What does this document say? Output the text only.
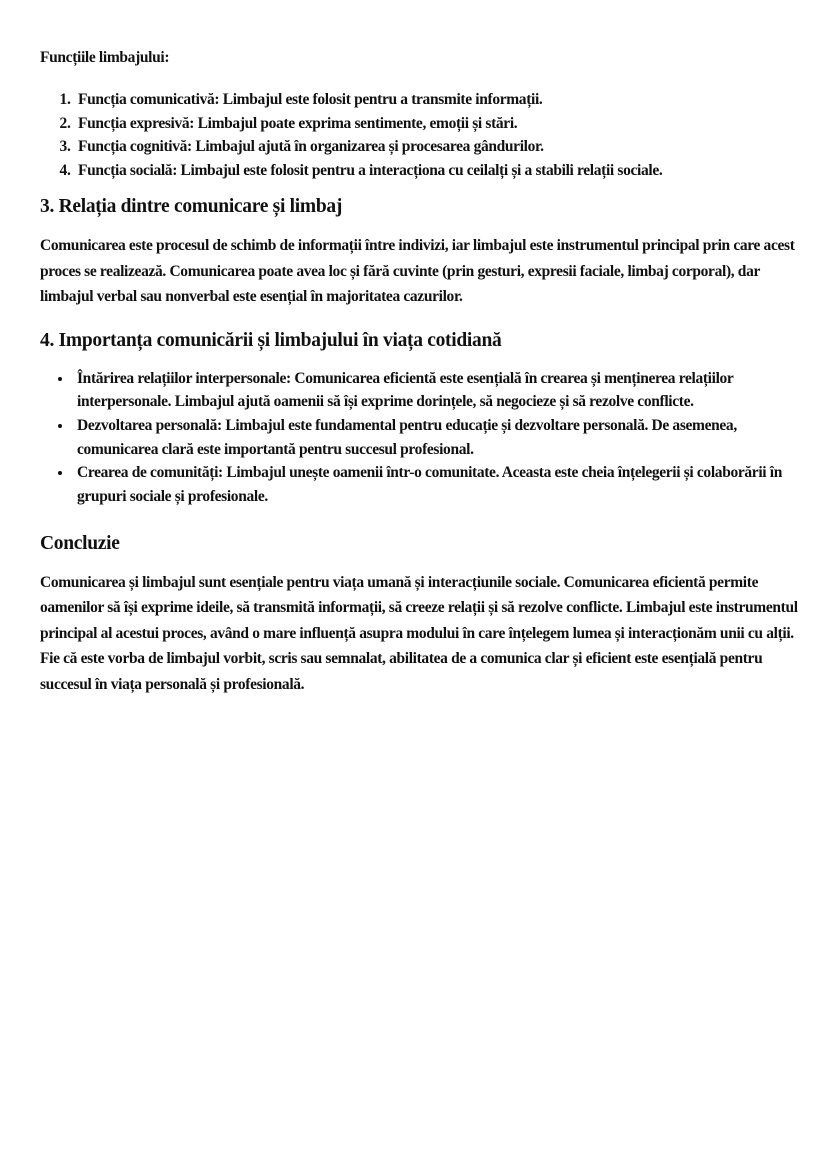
Funcțiile limbajului:

1. Funcția comunicativă: Limbajul este folosit pentru a transmite informații.
2. Funcția expresivă: Limbajul poate exprima sentimente, emoții și stări.
3. Funcția cognitivă: Limbajul ajută în organizarea și procesarea gândurilor.
4. Funcția socială: Limbajul este folosit pentru a interacționa cu ceilalți și a stabili relații sociale.
3. Relația dintre comunicare și limbaj

Comunicarea este procesul de schimb de informații între indivizi, iar limbajul este instrumentul principal prin care acest proces se realizează. Comunicarea poate avea loc și fără cuvinte (prin gesturi, expresii faciale, limbaj corporal), dar limbajul verbal sau nonverbal este esențial în majoritatea cazurilor.

4. Importanța comunicării și limbajului în viața cotidiană
• Întărirea relațiilor interpersonale: Comunicarea eficientă este esențială în crearea și menținerea relațiilor interpersonale. Limbajul ajută oamenii să își exprime dorințele, să negocieze și să rezolve conflicte.
• Dezvoltarea personală: Limbajul este fundamental pentru educație și dezvoltare personală. De asemenea, comunicarea clară este importantă pentru succesul profesional.
• Crearea de comunități: Limbajul unește oamenii într-o comunitate. Aceasta este cheia înțelegerii și colaborării în grupuri sociale și profesionale.
Concluzie

Comunicarea și limbajul sunt esențiale pentru viața umană și interacțiunile sociale. Comunicarea eficientă permite oamenilor să își exprime ideile, să transmită informații, să creeze relații și să rezolve conflicte. Limbajul este instrumentul principal al acestui proces, având o mare influență asupra modului în care înțelegem lumea și interacționăm unii cu alții. Fie că este vorba de limbajul vorbit, scris sau semnalat, abilitatea de a comunica clar și eficient este esențială pentru succesul în viața personală și profesională.
